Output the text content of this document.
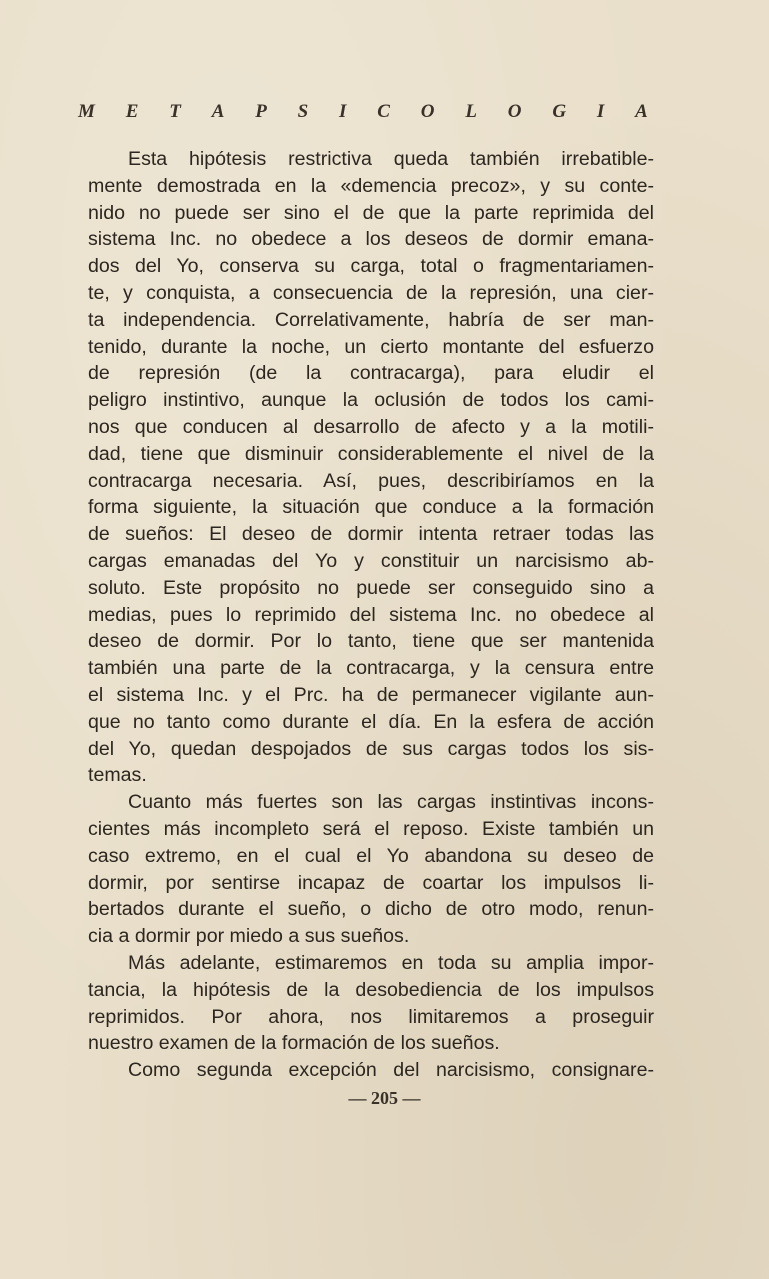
M E T A P S I C O L O G I A
Esta hipótesis restrictiva queda también irrebatible-
mente demostrada en la «demencia precoz», y su conte-
nido no puede ser sino el de que la parte reprimida del
sistema Inc. no obedece a los deseos de dormir emana-
dos del Yo, conserva su carga, total o fragmentariamen-
te, y conquista, a consecuencia de la represión, una cier-
ta independencia. Correlativamente, habría de ser man-
tenido, durante la noche, un cierto montante del esfuerzo
de represión (de la contracarga), para eludir el
peligro instintivo, aunque la oclusión de todos los cami-
nos que conducen al desarrollo de afecto y a la motili-
dad, tiene que disminuir considerablemente el nivel de la
contracarga necesaria. Así, pues, describiríamos en la
forma siguiente, la situación que conduce a la formación
de sueños: El deseo de dormir intenta retraer todas las
cargas emanadas del Yo y constituir un narcisismo ab-
soluto. Este propósito no puede ser conseguido sino a
medias, pues lo reprimido del sistema Inc. no obedece al
deseo de dormir. Por lo tanto, tiene que ser mantenida
también una parte de la contracarga, y la censura entre
el sistema Inc. y el Prc. ha de permanecer vigilante aun-
que no tanto como durante el día. En la esfera de acción
del Yo, quedan despojados de sus cargas todos los sis-
temas.
Cuanto más fuertes son las cargas instintivas incons-
cientes más incompleto será el reposo. Existe también un
caso extremo, en el cual el Yo abandona su deseo de
dormir, por sentirse incapaz de coartar los impulsos li-
bertados durante el sueño, o dicho de otro modo, renun-
cia a dormir por miedo a sus sueños.
Más adelante, estimaremos en toda su amplia impor-
tancia, la hipótesis de la desobediencia de los impulsos
reprimidos. Por ahora, nos limitaremos a proseguir
nuestro examen de la formación de los sueños.
Como segunda excepción del narcisismo, consignare-
— 205 —
